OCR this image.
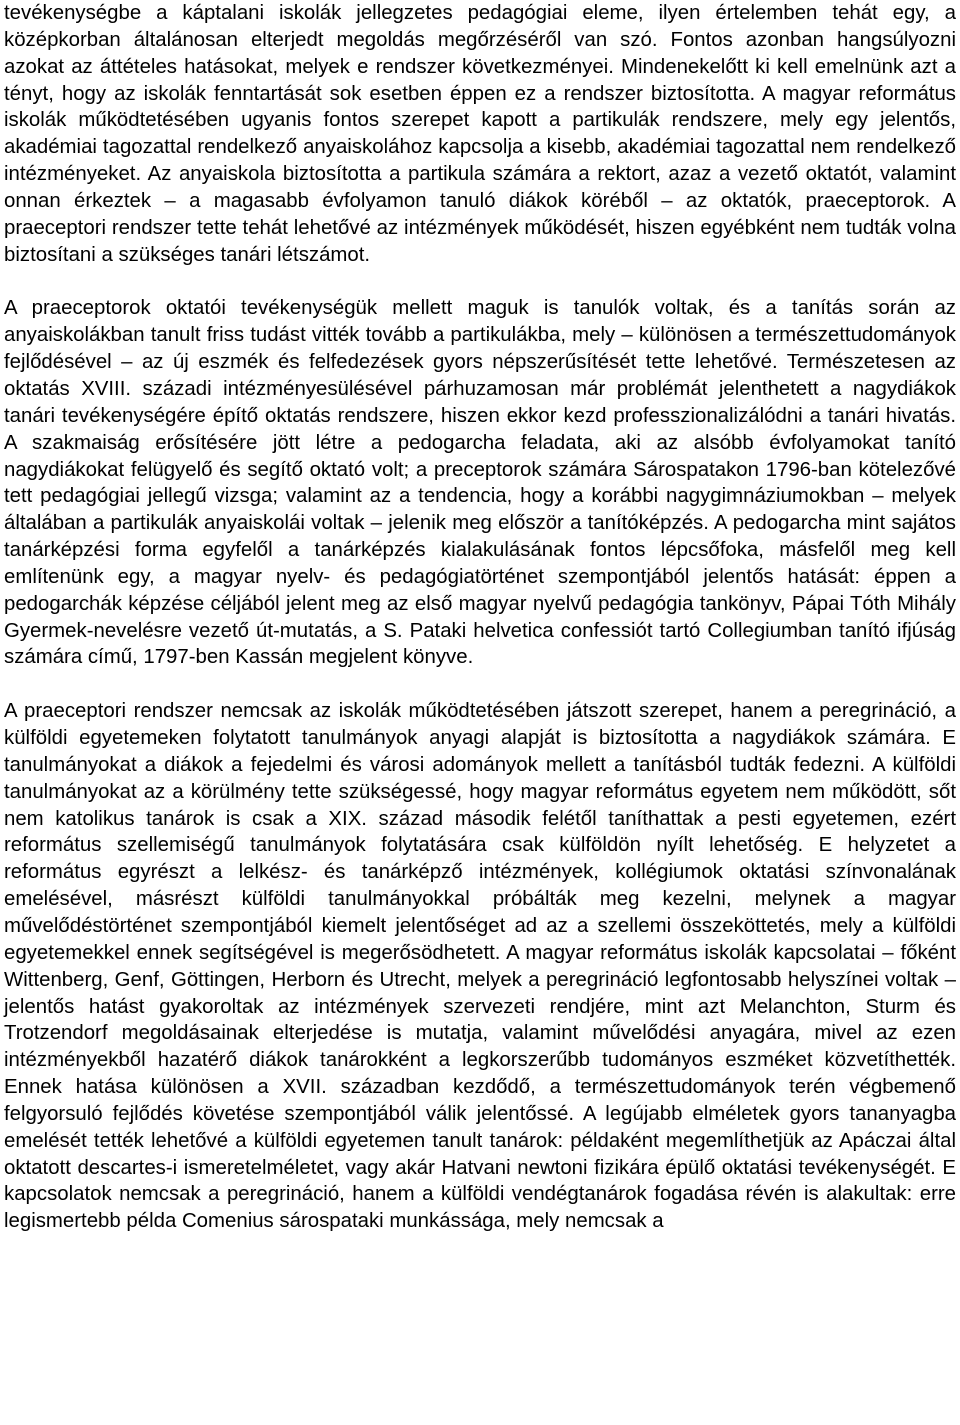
tevékenységbe a káptalani iskolák jellegzetes pedagógiai eleme, ilyen értelemben tehát egy, a középkorban általánosan elterjedt megoldás megőrzéséről van szó. Fontos azonban hangsúlyozni azokat az áttételes hatásokat, melyek e rendszer következményei. Mindenekelőtt ki kell emelnünk azt a tényt, hogy az iskolák fenntartását sok esetben éppen ez a rendszer biztosította. A magyar református iskolák működtetésében ugyanis fontos szerepet kapott a partikulák rendszere, mely egy jelentős, akadémiai tagozattal rendelkező anyaiskolához kapcsolja a kisebb, akadémiai tagozattal nem rendelkező intézményeket. Az anyaiskola biztosította a partikula számára a rektort, azaz a vezető oktatót, valamint onnan érkeztek – a magasabb évfolyamon tanuló diákok köréből – az oktatók, praeceptorok. A praeceptori rendszer tette tehát lehetővé az intézmények működését, hiszen egyébként nem tudták volna biztosítani a szükséges tanári létszámot.

A praeceptorok oktatói tevékenységük mellett maguk is tanulók voltak, és a tanítás során az anyaiskolákban tanult friss tudást vitték tovább a partikulákba, mely – különösen a természettudományok fejlődésével – az új eszmék és felfedezések gyors népszerűsítését tette lehetővé. Természetesen az oktatás XVIII. századi intézményesülésével párhuzamosan már problémát jelenthetett a nagydiákok tanári tevékenységére építő oktatás rendszere, hiszen ekkor kezd professzionalizálódni a tanári hivatás. A szakmaiság erősítésére jött létre a pedogarcha feladata, aki az alsóbb évfolyamokat tanító nagydiákokat felügyelő és segítő oktató volt; a preceptorok számára Sárospatakon 1796-ban kötelezővé tett pedagógiai jellegű vizsga; valamint az a tendencia, hogy a korábbi nagygimnáziumokban – melyek általában a partikulák anyaiskolái voltak – jelenik meg először a tanítóképzés. A pedogarcha mint sajátos tanárképzési forma egyfelől a tanárképzés kialakulásának fontos lépcsőfoka, másfelől meg kell említenünk egy, a magyar nyelv- és pedagógiatörténet szempontjából jelentős hatását: éppen a pedogarchák képzése céljából jelent meg az első magyar nyelvű pedagógia tankönyv, Pápai Tóth Mihály Gyermek-nevelésre vezető út-mutatás, a S. Pataki helvetica confessiót tartó Collegiumban tanító ifjúság számára című, 1797-ben Kassán megjelent könyve.

A praeceptori rendszer nemcsak az iskolák működtetésében játszott szerepet, hanem a peregrináció, a külföldi egyetemeken folytatott tanulmányok anyagi alapját is biztosította a nagydiákok számára. E tanulmányokat a diákok a fejedelmi és városi adományok mellett a tanításból tudták fedezni. A külföldi tanulmányokat az a körülmény tette szükségessé, hogy magyar református egyetem nem működött, sőt nem katolikus tanárok is csak a XIX. század második felétől taníthattak a pesti egyetemen, ezért református szellemiségű tanulmányok folytatására csak külföldön nyílt lehetőség. E helyzetet a református egyrészt a lelkész- és tanárképző intézmények, kollégiumok oktatási színvonalának emelésével, másrészt külföldi tanulmányokkal próbálták meg kezelni, melynek a magyar művelődéstörténet szempontjából kiemelt jelentőséget ad az a szellemi összeköttetés, mely a külföldi egyetemekkel ennek segítségével is megerősödhetett. A magyar református iskolák kapcsolatai – főként Wittenberg, Genf, Göttingen, Herborn és Utrecht, melyek a peregrináció legfontosabb helyszínei voltak – jelentős hatást gyakoroltak az intézmények szervezeti rendjére, mint azt Melanchton, Sturm és Trotzendorf megoldásainak elterjedése is mutatja, valamint művelődési anyagára, mivel az ezen intézményekből hazatérő diákok tanárokként a legkorszerűbb tudományos eszméket közvetíthették. Ennek hatása különösen a XVII. században kezdődő, a természettudományok terén végbemenő felgyorsuló fejlődés követése szempontjából válik jelentőssé. A legújabb elméletek gyors tananyagba emelését tették lehetővé a külföldi egyetemen tanult tanárok: példaként megemlíthetjük az Apáczai által oktatott descartes-i ismeretelméletet, vagy akár Hatvani newtoni fizikára épülő oktatási tevékenységét. E kapcsolatok nemcsak a peregrináció, hanem a külföldi vendégtanárok fogadása révén is alakultak: erre legismertebb példa Comenius sárospataki munkássága, mely nemcsak a
